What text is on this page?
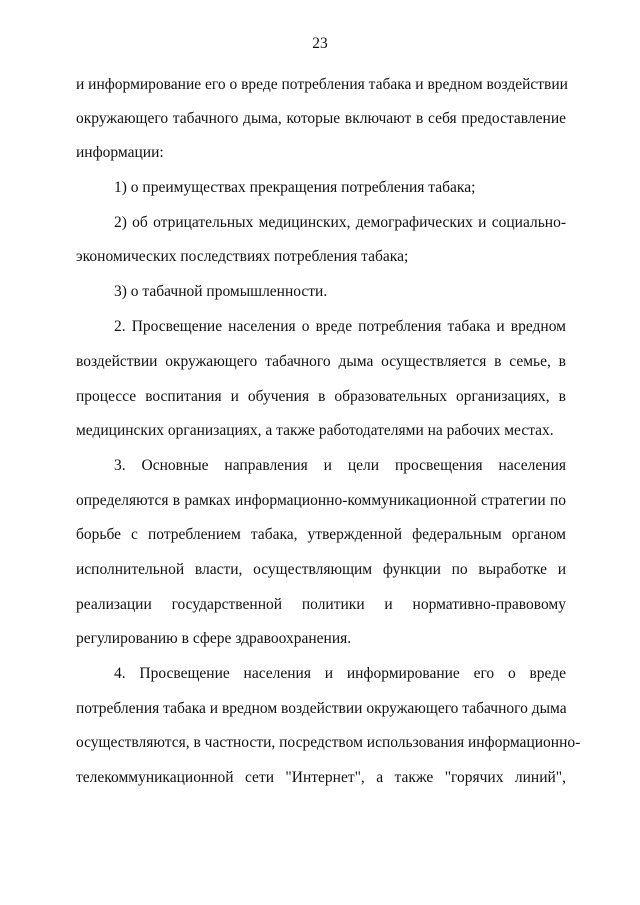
23
и информирование его о вреде потребления табака и вредном воздействии
окружающего табачного дыма, которые включают в себя предоставление
информации:
1) о преимуществах прекращения потребления табака;
2) об отрицательных медицинских, демографических и социально-
экономических последствиях потребления табака;
3) о табачной промышленности.
2. Просвещение населения о вреде потребления табака и вредном
воздействии окружающего табачного дыма осуществляется в семье, в
процессе воспитания и обучения в образовательных организациях, в
медицинских организациях, а также работодателями на рабочих местах.
3. Основные направления и цели просвещения населения
определяются в рамках информационно-коммуникационной стратегии по
борьбе с потреблением табака, утвержденной федеральным органом
исполнительной власти, осуществляющим функции по выработке и
реализации государственной политики и нормативно-правовому
регулированию в сфере здравоохранения.
4. Просвещение населения и информирование его о вреде
потребления табака и вредном воздействии окружающего табачного дыма
осуществляются, в частности, посредством использования информационно-
телекоммуникационной сети "Интернет", а также "горячих линий",
